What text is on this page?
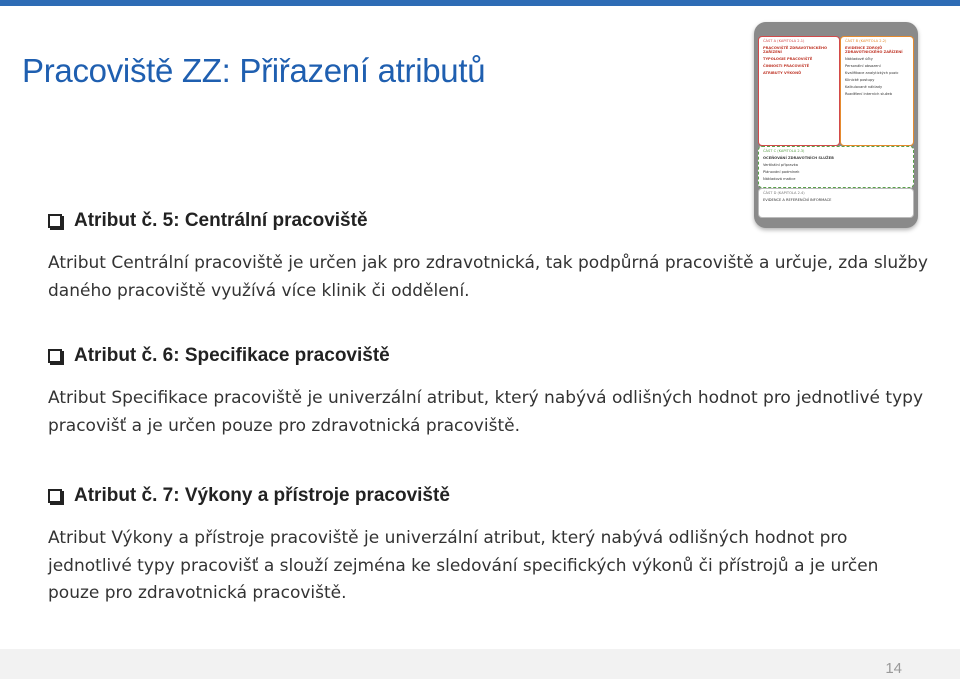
Pracoviště ZZ: Přiřazení atributů
ČÁST A (KAPITOLA 2.1)
PRACOVIŠTĚ ZDRAVOTNICKÉHO ZAŘÍZENÍ
TYPOLOGIE PRACOVIŠTĚ
ČINNOSTI PRACOVIŠTĚ
ATRIBUTY VÝKONŮ
ČÁST B (KAPITOLA 2.2)
EVIDENCE ZDROJŮ ZDRAVOTNICKÉHO ZAŘÍZENÍ
Nákladové účty
Personální obsazení
Kvalifikace analytických pozic
Klinické postupy
Kalkulované náklady
Rozdělení interních služeb
ČÁST C (KAPITOLA 2.3)
OCEŇOVÁNÍ ZDRAVOTNÍCH SLUŽEB
Vertikální přípravka
Plánování podmínek
Nákladová matice
ČÁST D (KAPITOLA 2.4)
EVIDENCE A REFERENČNÍ INFORMACE
Atribut č. 5: Centrální pracoviště
Atribut Centrální pracoviště je určen jak pro zdravotnická, tak podpůrná pracoviště a určuje, zda služby daného pracoviště využívá více klinik či oddělení.
Atribut č. 6: Specifikace pracoviště
Atribut Specifikace pracoviště je univerzální atribut, který nabývá odlišných hodnot pro jednotlivé typy pracovišť a je určen pouze pro zdravotnická pracoviště.
Atribut č. 7: Výkony a přístroje pracoviště
Atribut Výkony a přístroje pracoviště je univerzální atribut, který nabývá odlišných hodnot pro jednotlivé typy pracovišť a slouží zejména ke sledování specifických výkonů či přístrojů a je určen pouze pro zdravotnická pracoviště.
14
